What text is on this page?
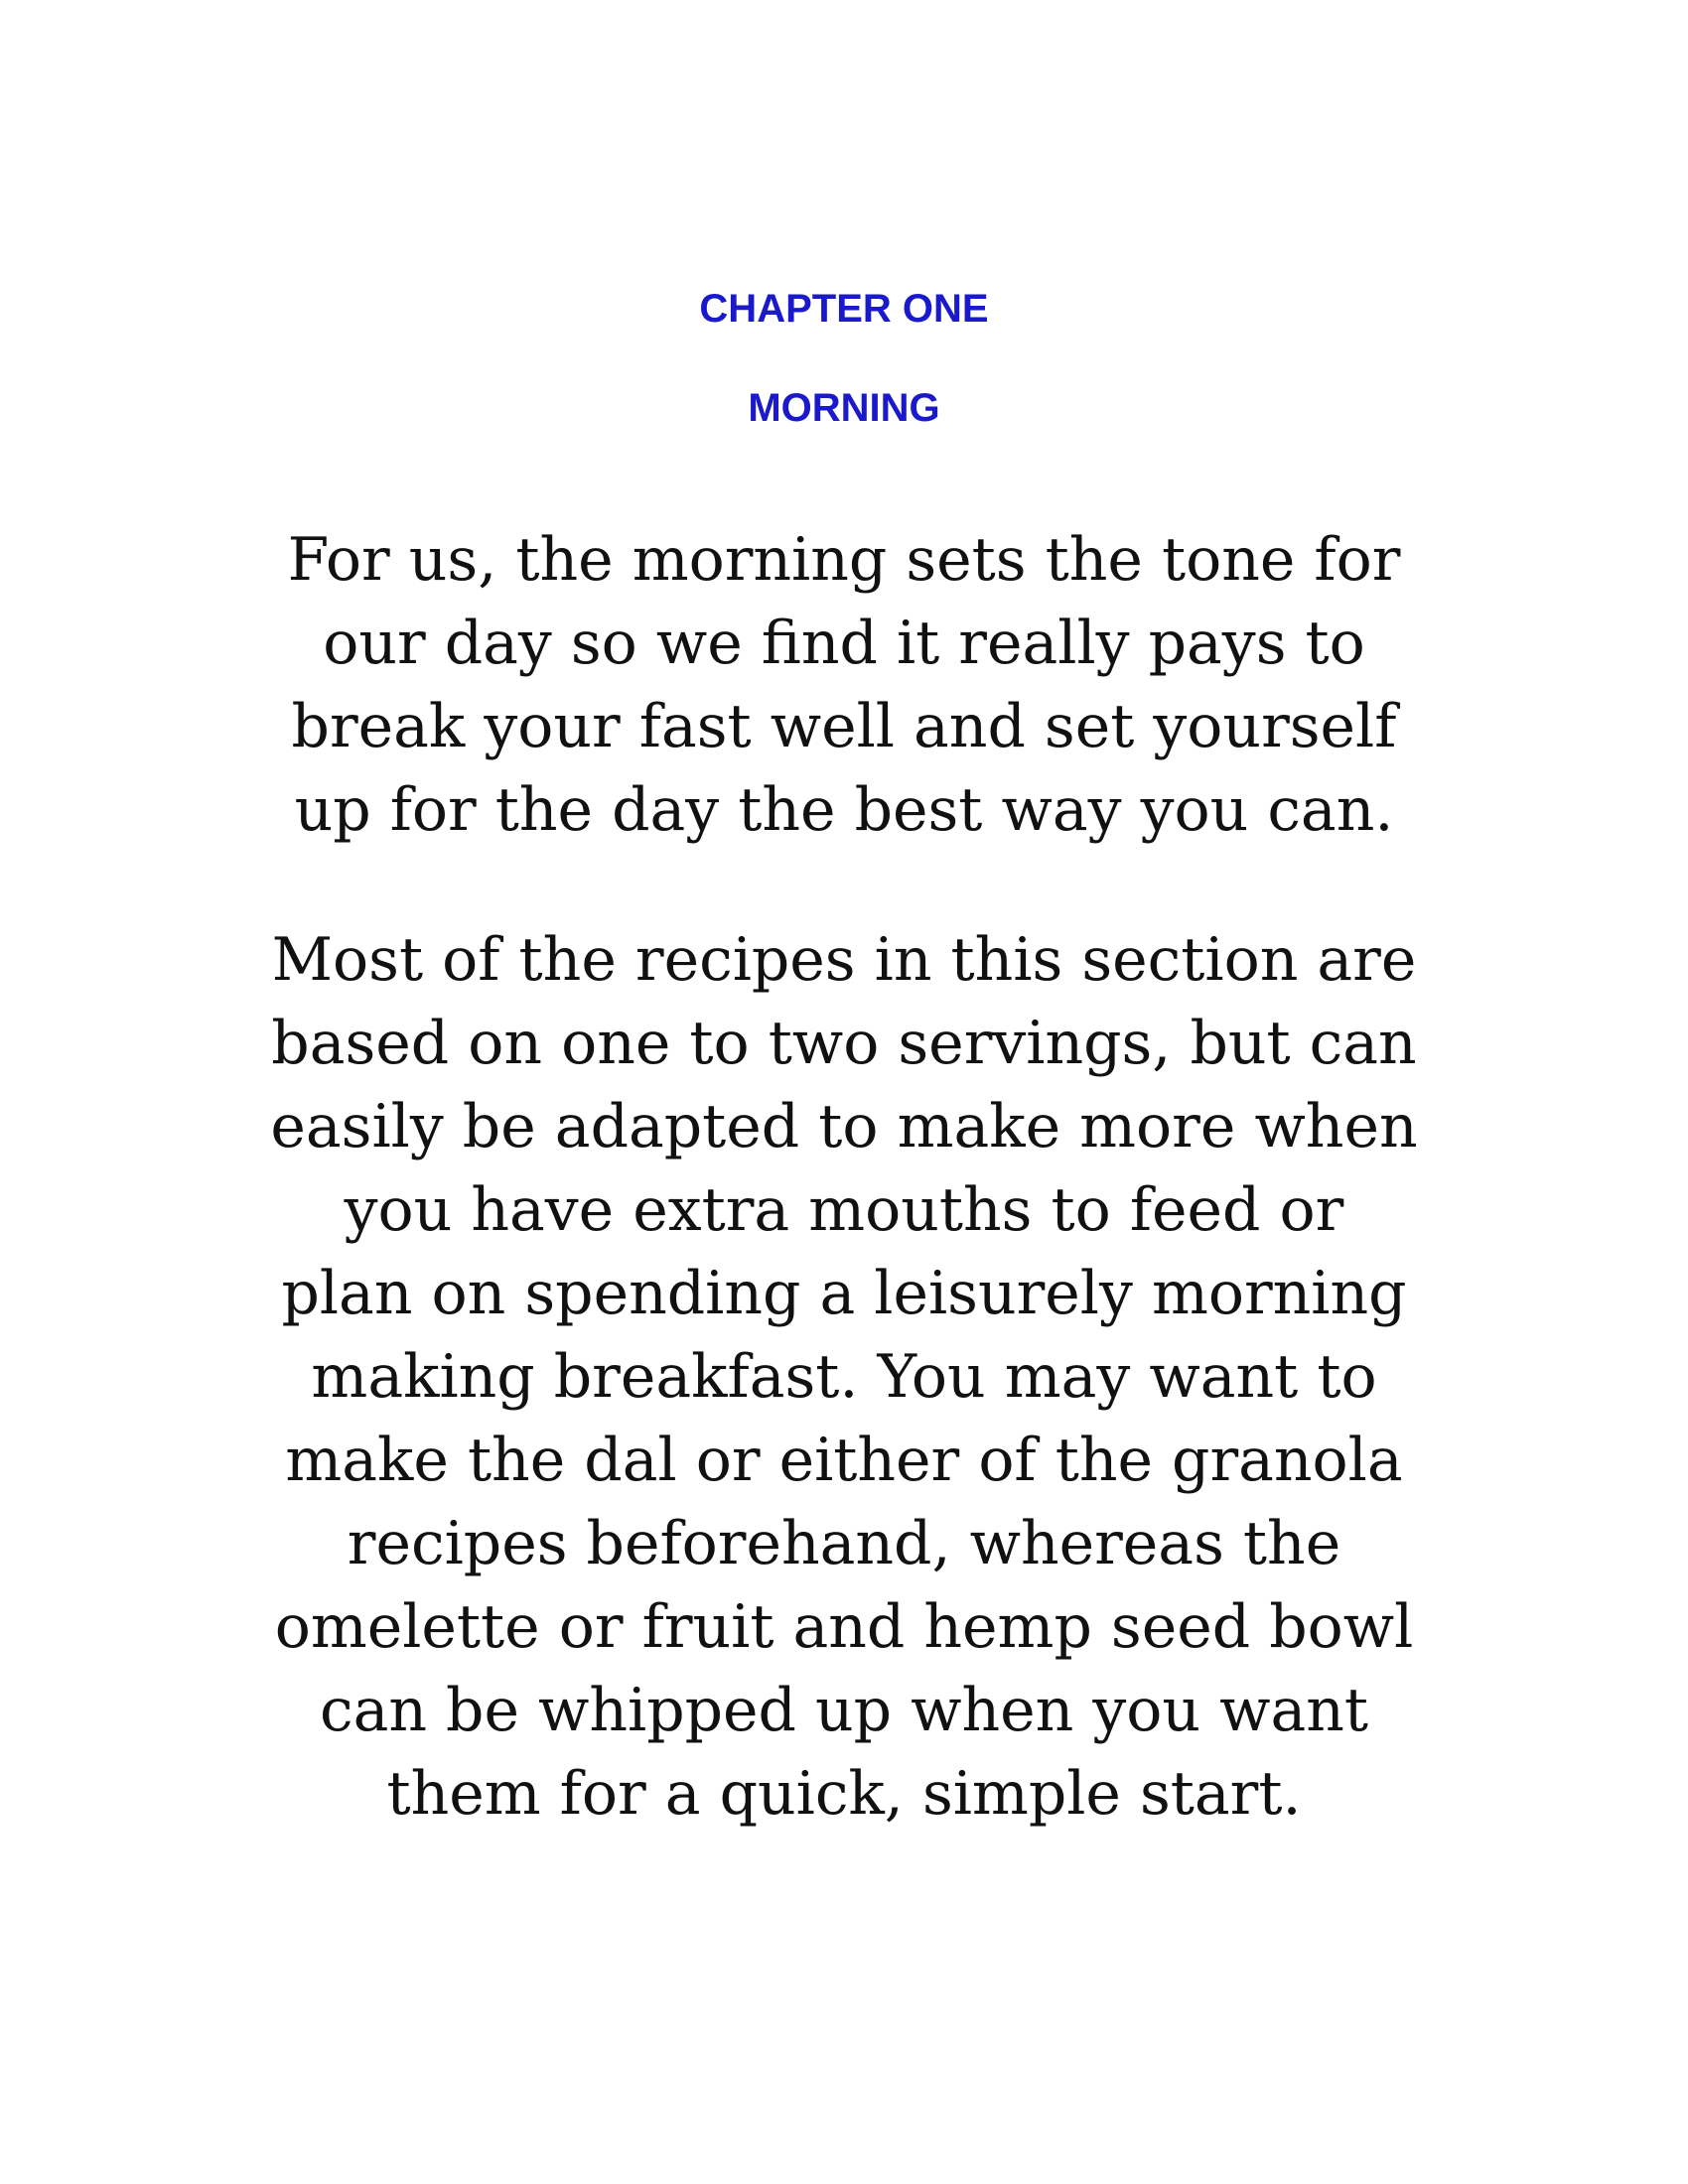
CHAPTER ONE
MORNING

For us, the morning sets the tone for
our day so we find it really pays to
break your fast well and set yourself
up for the day the best way you can.

Most of the recipes in this section are
based on one to two servings, but can
easily be adapted to make more when
you have extra mouths to feed or
plan on spending a leisurely morning
making breakfast. You may want to
make the dal or either of the granola
recipes beforehand, whereas the
omelette or fruit and hemp seed bowl
can be whipped up when you want
them for a quick, simple start.
